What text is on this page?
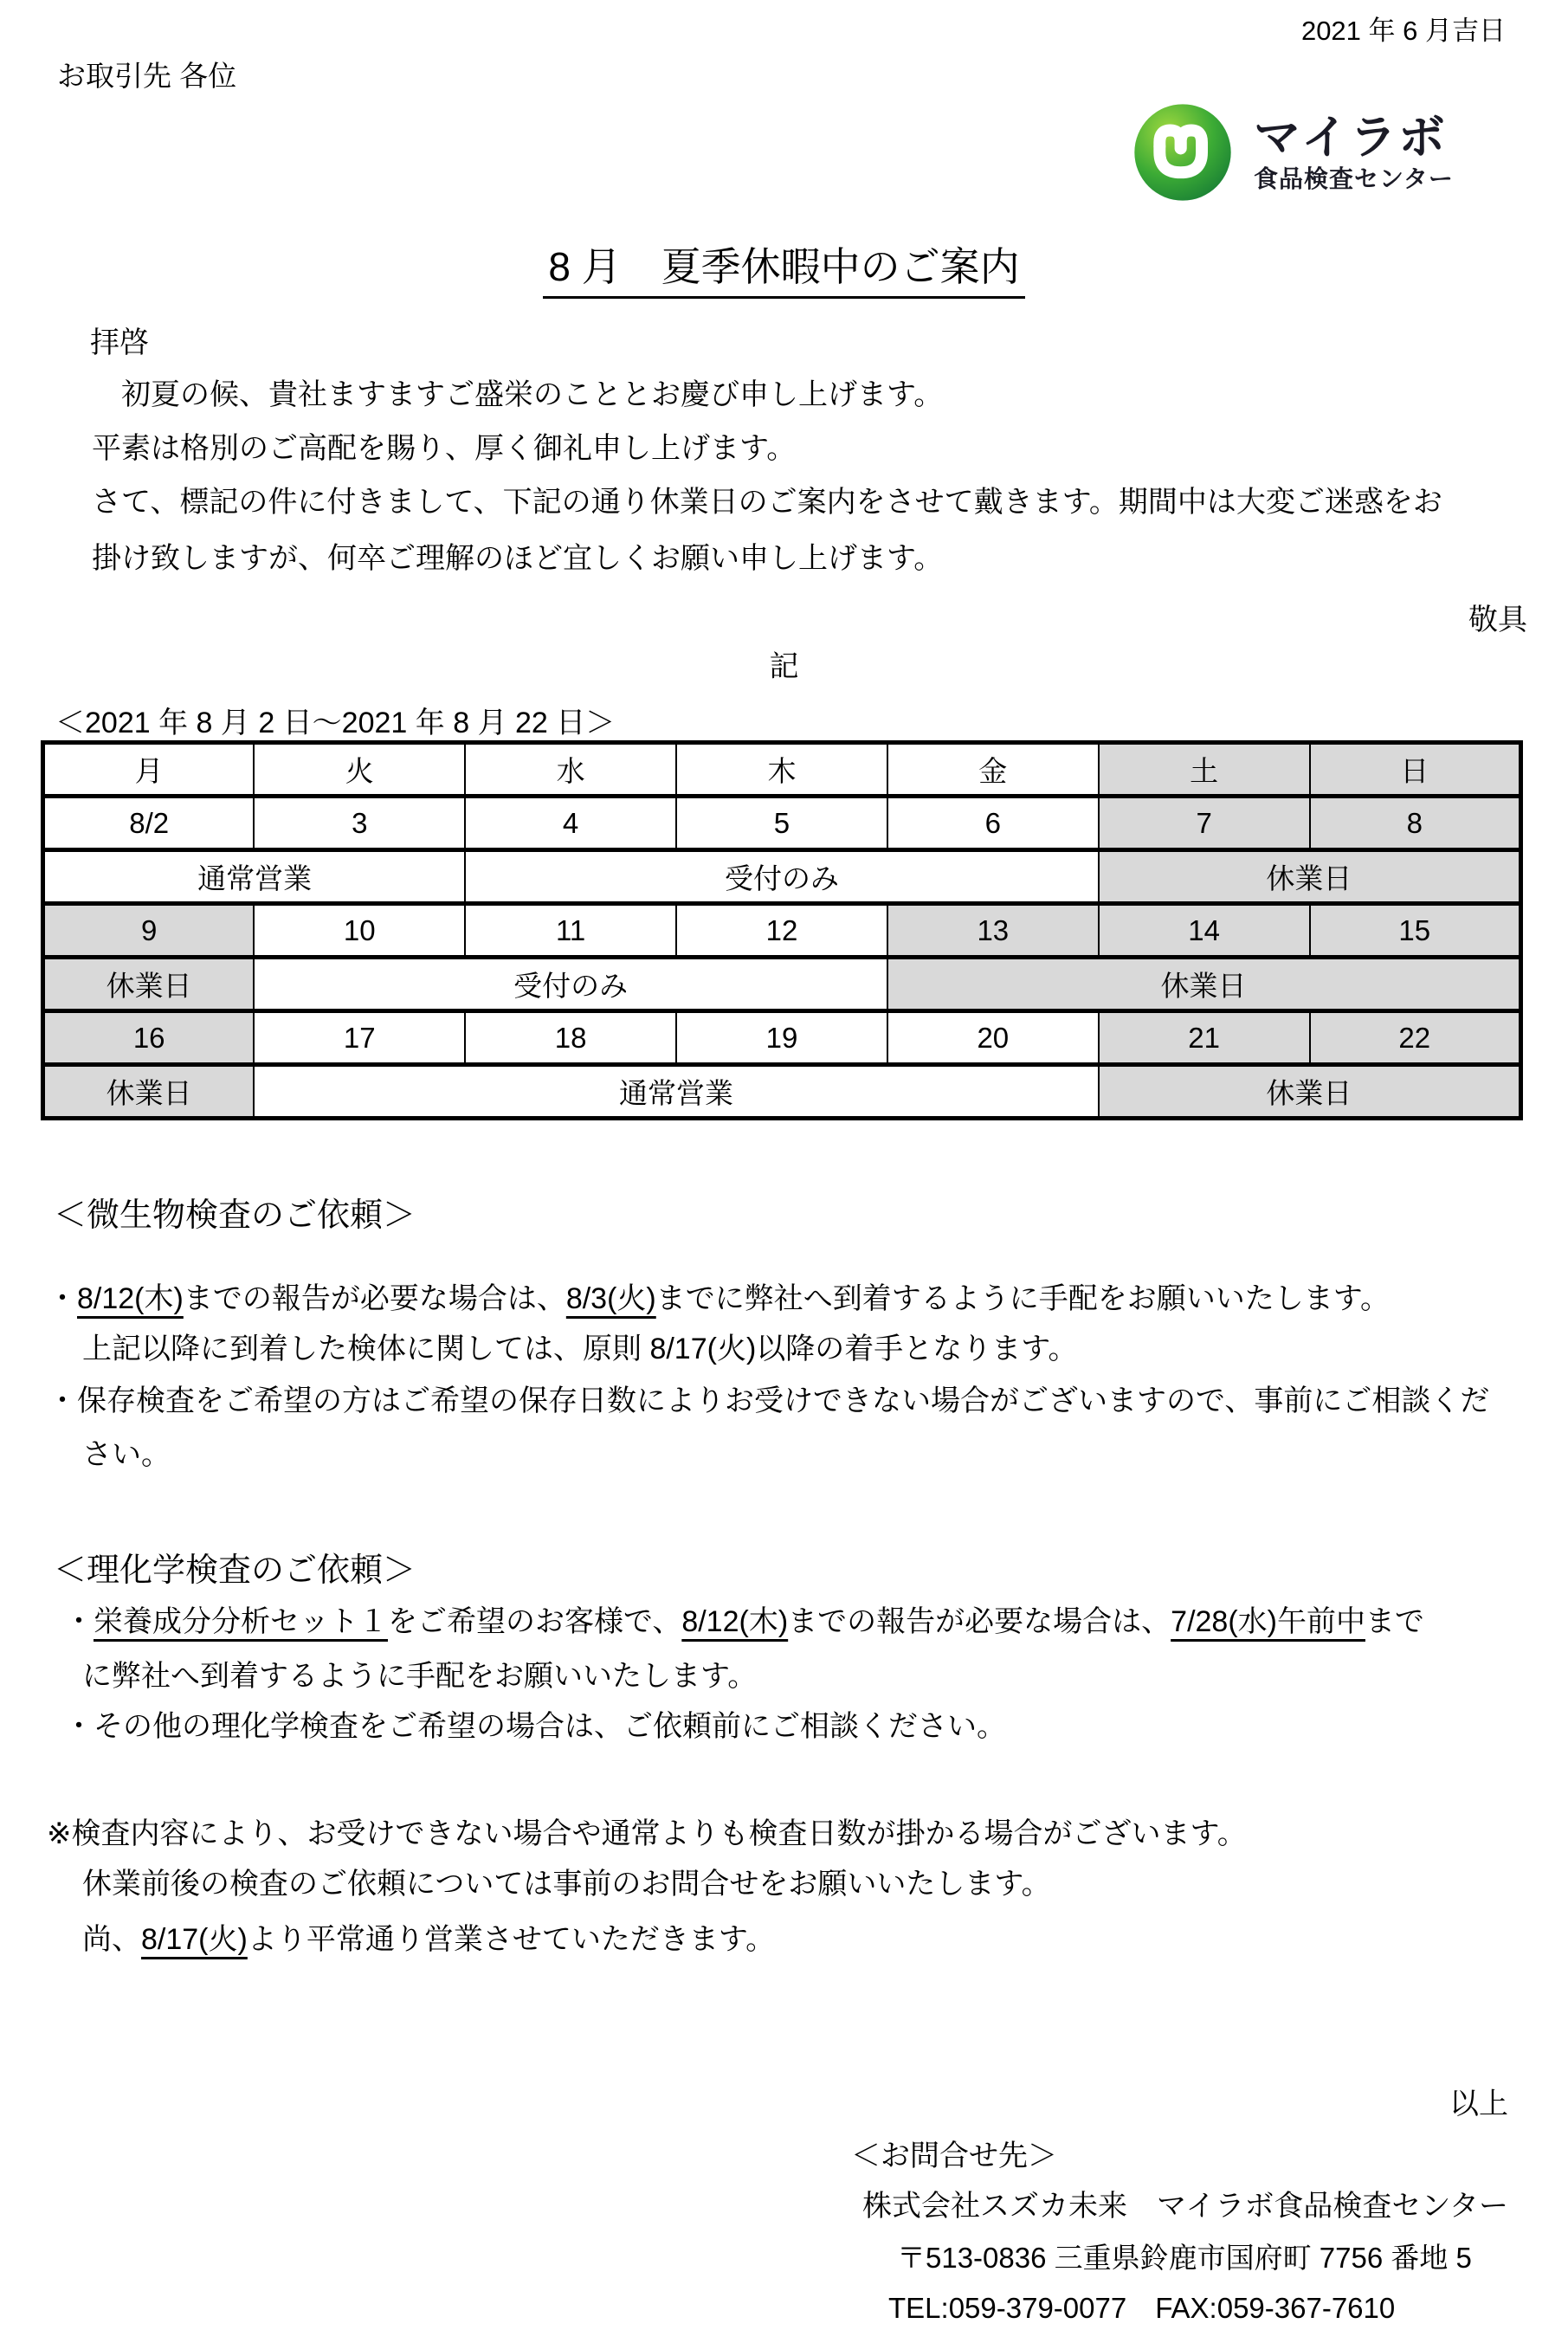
2021 年 6 月吉日
お取引先 各位
マイラボ
食品検査センター
8 月　夏季休暇中のご案内
拝啓
初夏の候、貴社ますますご盛栄のこととお慶び申し上げます。
平素は格別のご高配を賜り、厚く御礼申し上げます。
さて、標記の件に付きまして、下記の通り休業日のご案内をさせて戴きます。期間中は大変ご迷惑をお
掛け致しますが、何卒ご理解のほど宜しくお願い申し上げます。
敬具
記
＜2021 年 8 月 2 日～2021 年 8 月 22 日＞
月	火	水	木	金	土	日
8/2	3	4	5	6	7	8
通常営業		受付のみ			休業日	
9	10	11	12	13	14	15
休業日	受付のみ			休業日		
16	17	18	19	20	21	22
休業日	通常営業				休業日	
＜微生物検査のご依頼＞
・8/12(木)までの報告が必要な場合は、8/3(火)までに弊社へ到着するように手配をお願いいたします。
上記以降に到着した検体に関しては、原則 8/17(火)以降の着手となります。
・保存検査をご希望の方はご希望の保存日数によりお受けできない場合がございますので、事前にご相談くだ
さい。
＜理化学検査のご依頼＞
・栄養成分分析セット１をご希望のお客様で、8/12(木)までの報告が必要な場合は、7/28(水)午前中まで
に弊社へ到着するように手配をお願いいたします。
・その他の理化学検査をご希望の場合は、ご依頼前にご相談ください。
※検査内容により、お受けできない場合や通常よりも検査日数が掛かる場合がございます。
休業前後の検査のご依頼については事前のお問合せをお願いいたします。
尚、8/17(火)より平常通り営業させていただきます。
以上
＜お問合せ先＞
株式会社スズカ未来　マイラボ食品検査センター
〒513-0836 三重県鈴鹿市国府町 7756 番地 5
TEL:059-379-0077　FAX:059-367-7610
